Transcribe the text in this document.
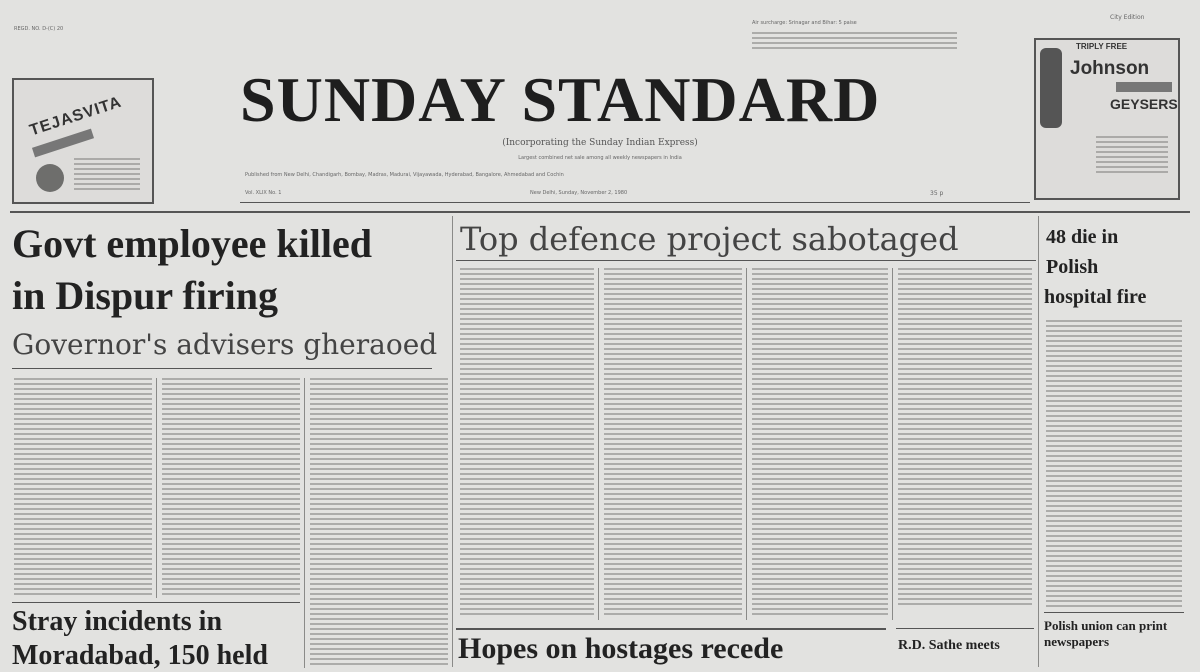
REGD. NO. D-(C) 20
City Edition
Air surcharge: Srinagar and Bihar: 5 paise
SUNDAY STANDARD
(Incorporating the Sunday Indian Express)
Largest combined net sale among all weekly newspapers in India
Published from New Delhi, Chandigarh, Bombay, Madras, Madurai, Vijayawada, Hyderabad, Bangalore, Ahmedabad and Cochin
Vol. XLIX No. 1	New Delhi, Sunday, November 2, 1980	35 p
TEJASVITA
TRIPLY FREE
Johnson
GEYSERS
Govt employee killed
in Dispur firing
Governor's advisers gheraoed
Stray incidents in
Moradabad, 150 held
Top defence project sabotaged
Hopes on hostages recede	R.D. Sathe meets
48 die in
Polish
hospital fire
Polish union can print newspapers
